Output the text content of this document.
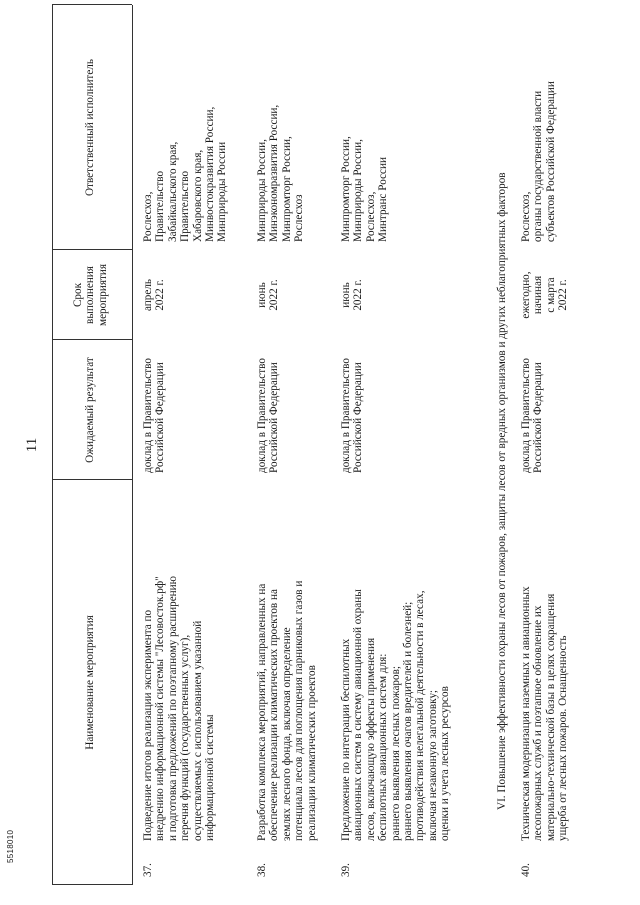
11
Наименование мероприятия
Ожидаемый результат
Срок
выполнения
мероприятия
Ответственный исполнитель
37.
Подведение итогов реализации эксперимента по
внедрению информационной системы "Лесовосток.рф"
и подготовка предложений по поэтапному расширению
перечня функций (государственных услуг),
осуществляемых с использованием указанной
информационной системы
доклад в Правительство
Российской Федерации
апрель
2022 г.
Рослесхоз,
Правительство
Забайкальского края,
Правительство
Хабаровского края,
Минвостокразвития России,
Минприроды России
38.
Разработка комплекса мероприятий, направленных на
обеспечение реализации климатических проектов на
землях лесного фонда, включая определение
потенциала лесов для поглощения парниковых газов и
реализации климатических проектов
доклад в Правительство
Российской Федерации
июнь
2022 г.
Минприроды России,
Минэкономразвития России,
Минпромторг России,
Рослесхоз
39.
Предложение по интеграции беспилотных
авиационных систем в систему авиационной охраны
лесов, включающую эффекты применения
беспилотных авиационных систем для:
раннего выявления лесных пожаров;
раннего выявления очагов вредителей и болезней;
противодействия нелегальной деятельности в лесах,
включая незаконную заготовку;
оценки и учета лесных ресурсов
доклад в Правительство
Российской Федерации
июнь
2022 г.
Минпромторг России,
Минприроды России,
Рослесхоз,
Минтранс России	VI. Повышение эффективности охраны лесов от пожаров, защиты лесов от вредных организмов и других неблагоприятных факторов
40.
Техническая модернизация наземных и авиационных
лесопожарных служб и поэтапное обновление их
материально-технической базы в целях сокращения
ущерба от лесных пожаров. Оснащенность
доклад в Правительство
Российской Федерации
ежегодно,
начиная
с марта
2022 г.
Рослесхоз,
органы государственной власти
субъектов Российской Федерации
5518010
